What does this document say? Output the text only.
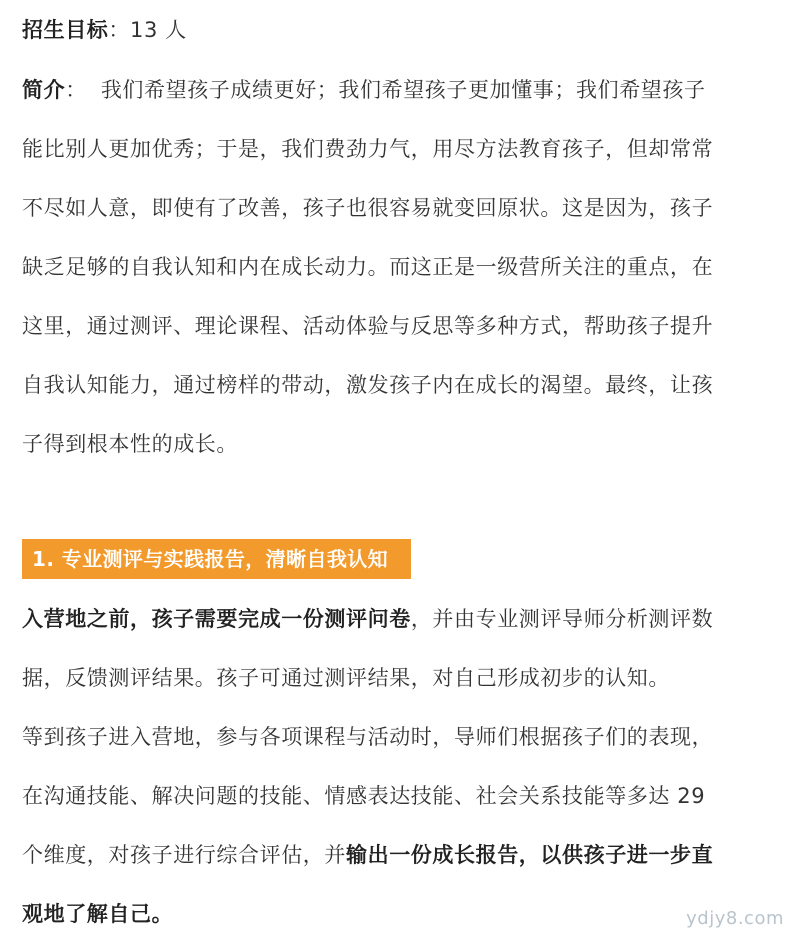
招生目标：13 人
简介： 我们希望孩子成绩更好；我们希望孩子更加懂事；我们希望孩子
能比别人更加优秀；于是，我们费劲力气，用尽方法教育孩子，但却常常
不尽如人意，即使有了改善，孩子也很容易就变回原状。这是因为，孩子
缺乏足够的自我认知和内在成长动力。而这正是一级营所关注的重点，在
这里，通过测评、理论课程、活动体验与反思等多种方式，帮助孩子提升
自我认知能力，通过榜样的带动，激发孩子内在成长的渴望。最终，让孩
子得到根本性的成长。
1. 专业测评与实践报告，清晰自我认知
入营地之前，孩子需要完成一份测评问卷，并由专业测评导师分析测评数
据，反馈测评结果。孩子可通过测评结果，对自己形成初步的认知。
等到孩子进入营地，参与各项课程与活动时，导师们根据孩子们的表现，
在沟通技能、解决问题的技能、情感表达技能、社会关系技能等多达 29
个维度，对孩子进行综合评估，并输出一份成长报告，以供孩子进一步直
观地了解自己。	ydjy8.com
